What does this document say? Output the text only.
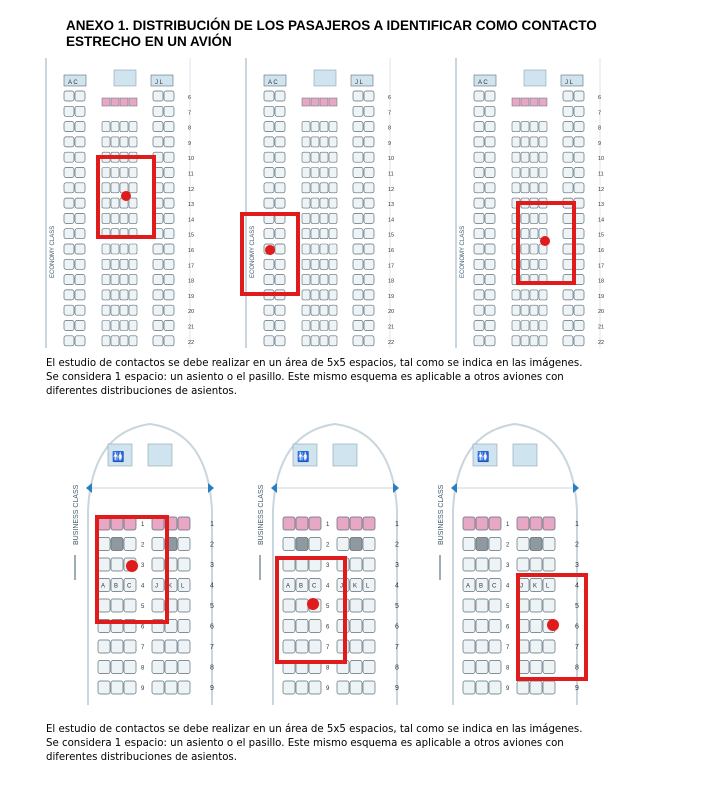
ANEXO 1. DISTRIBUCIÓN DE LOS PASAJEROS A IDENTIFICAR COMO CONTACTO
ESTRECHO EN UN AVIÓN
ECONOMY CLASS
A C	J L
6
7
8
9
10
11
12
13
14
15
16
17
18
19
20
21
22
ECONOMY CLASS
A C	J L
6
7
8
9
10
11
12
13
14
15
16
17
18
19
20
21
22
ECONOMY CLASS
A C	J L
6
7
8
9
10
11
12
13
14
15
16
17
18
19
20
21
22

El estudio de contactos se debe realizar en un área de 5x5 espacios, tal como se indica en las imágenes.

Se considera 1 espacio: un asiento o el pasillo. Este mismo esquema es aplicable a otros aviones con

diferentes distribuciones de asientos.

BUSINESS CLASS
🚻
1	1
2	2
3	3
4	4
5	5
6	6
7	7
8	8
9	9
A B C	J K L
BUSINESS CLASS
🚻
1	1
2	2
3	3
4	4
5	5
6	6
7	7
8	8
9	9
A B C	J K L
BUSINESS CLASS
🚻
1	1
2	2
3	3
4	4
5	5
6	6
7	7
8	8
9	9
A B C	J K L

El estudio de contactos se debe realizar en un área de 5x5 espacios, tal como se indica en las imágenes.

Se considera 1 espacio: un asiento o el pasillo. Este mismo esquema es aplicable a otros aviones con

diferentes distribuciones de asientos.
